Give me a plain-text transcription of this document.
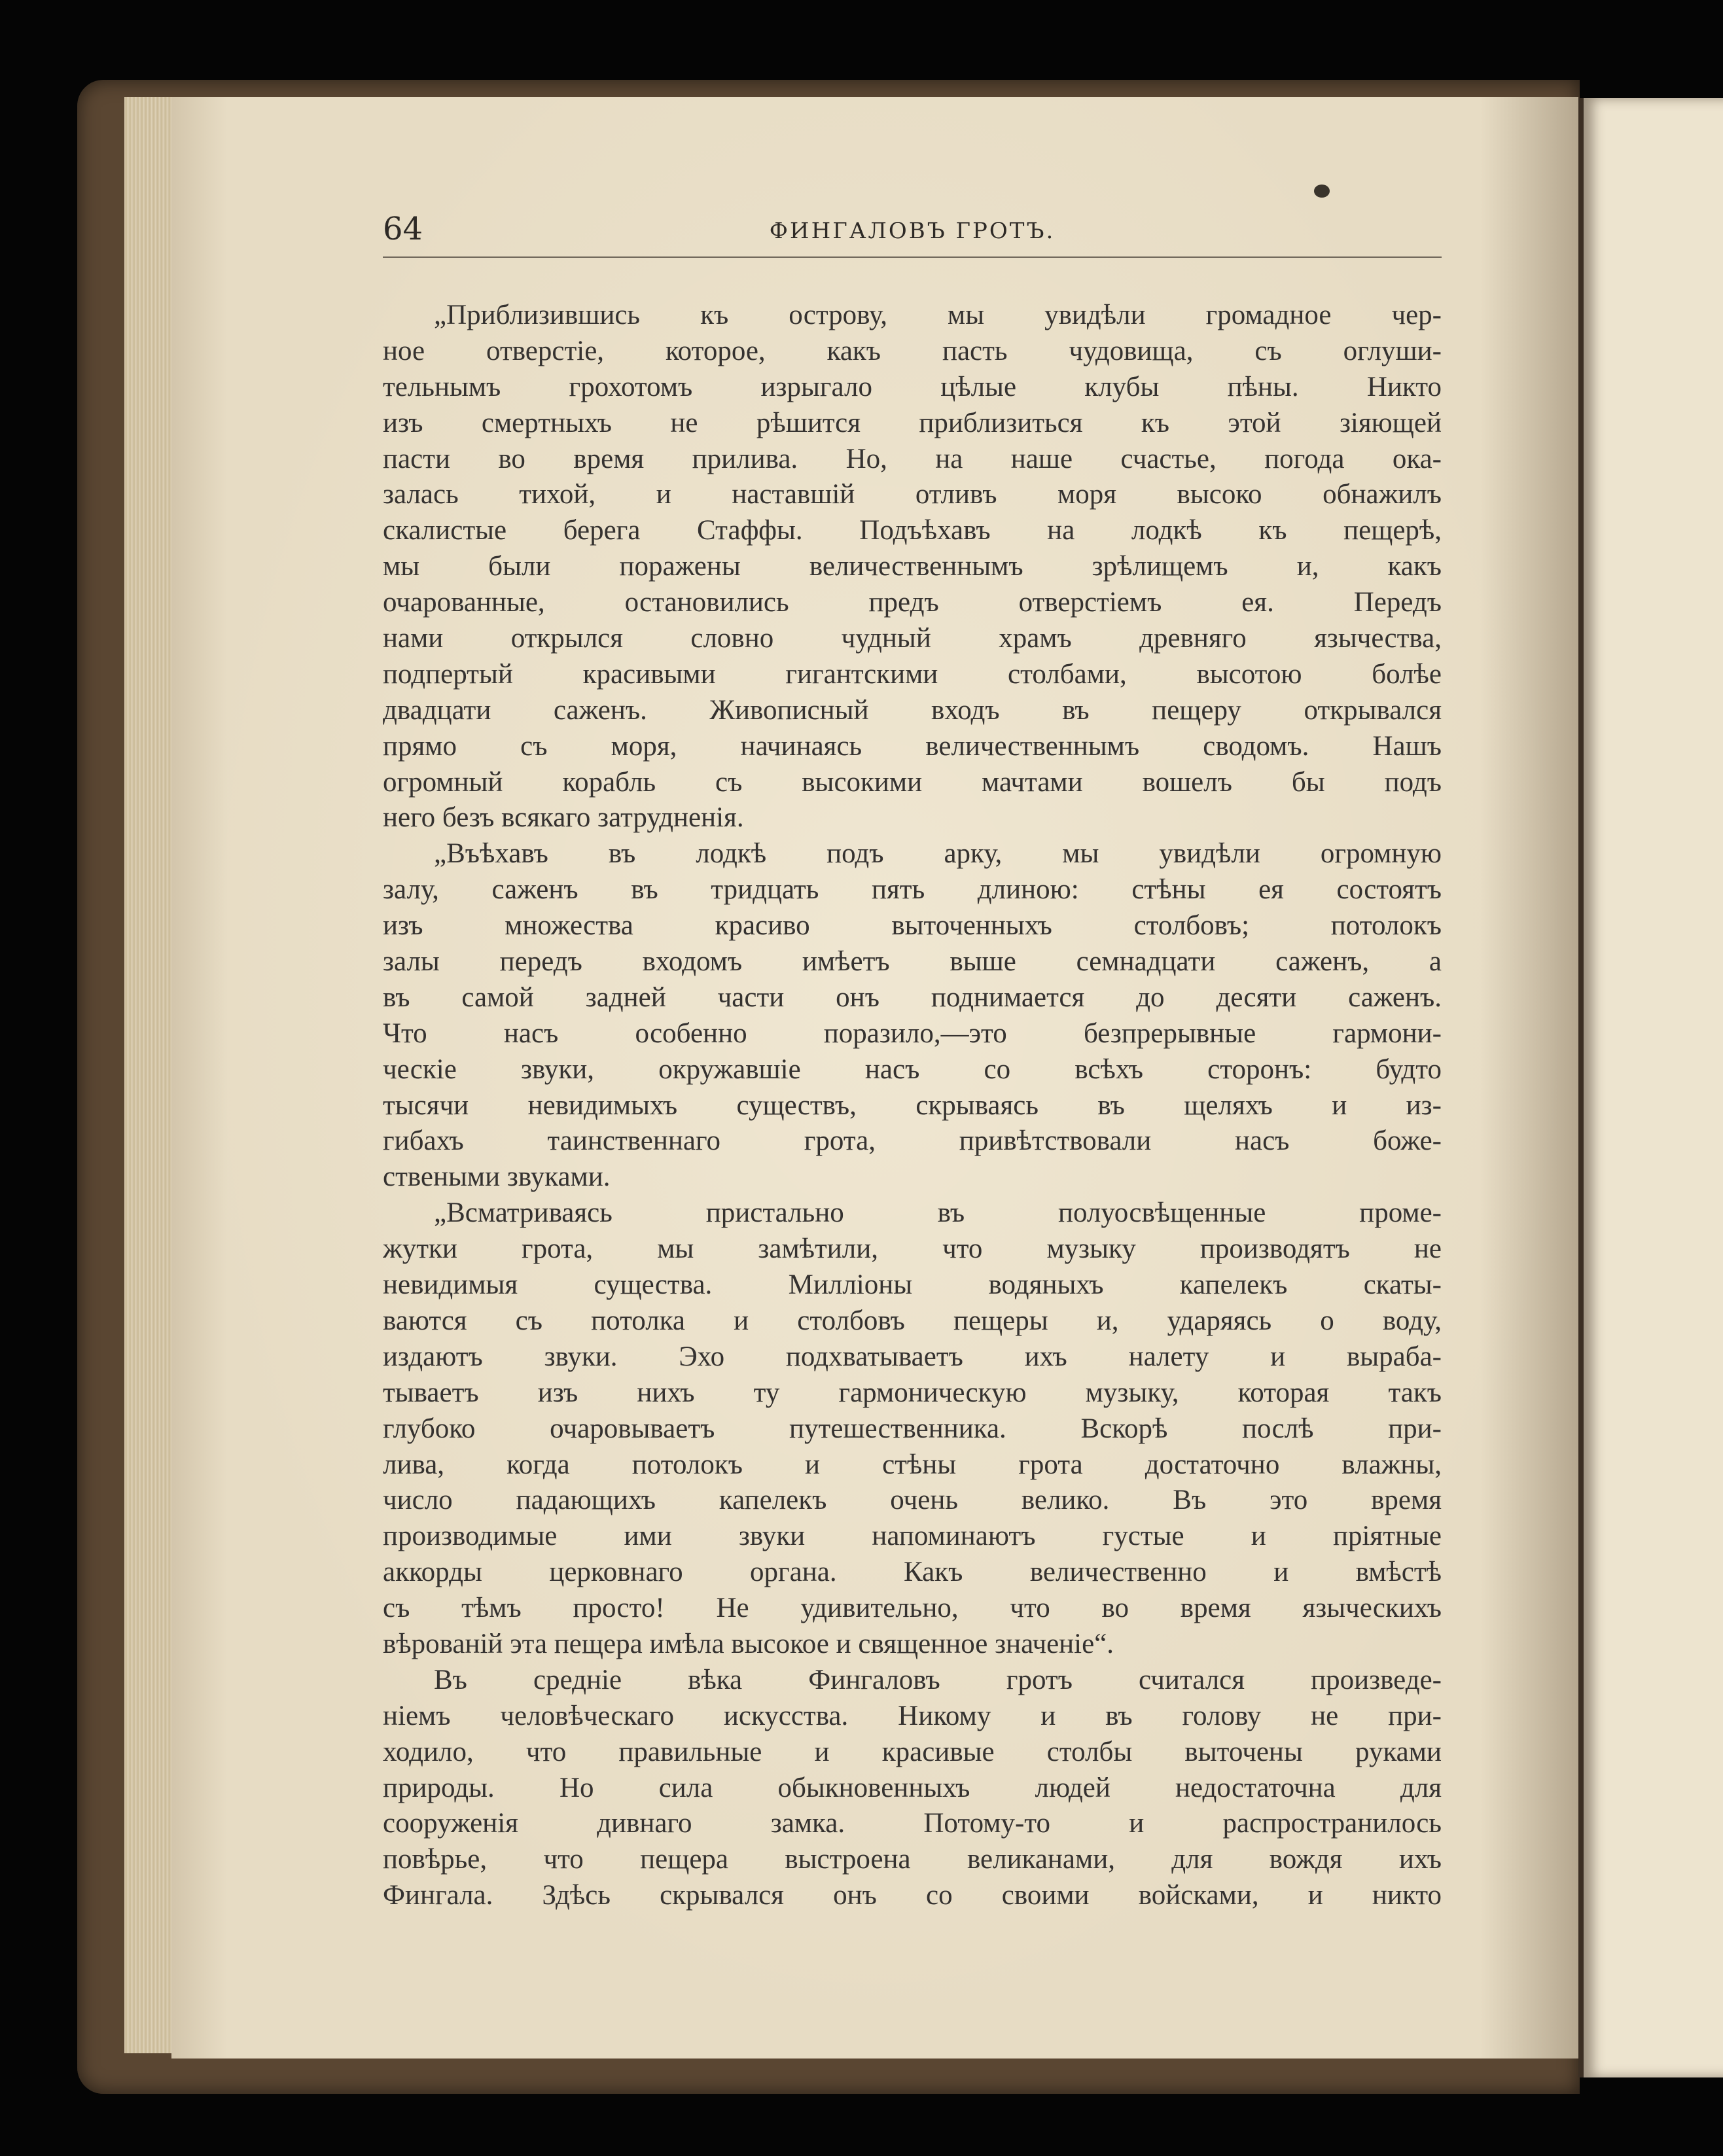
64	ФИНГАЛОВЪ ГРОТЪ.
„Приблизившись къ острову, мы увидѣли громадное чер-
ное отверстіе, которое, какъ пасть чудовища, съ оглуши-
тельнымъ грохотомъ изрыгало цѣлые клубы пѣны. Никто
изъ смертныхъ не рѣшится приблизиться къ этой зіяющей
пасти во время прилива. Но, на наше счастье, погода ока-
залась тихой, и наставшій отливъ моря высоко обнажилъ
скалистые берега Стаффы. Подъѣхавъ на лодкѣ къ пещерѣ,
мы были поражены величественнымъ зрѣлищемъ и, какъ
очарованные, остановились предъ отверстіемъ ея. Передъ
нами открылся словно чудный храмъ древняго язычества,
подпертый красивыми гигантскими столбами, высотою болѣе
двадцати саженъ. Живописный входъ въ пещеру открывался
прямо съ моря, начинаясь величественнымъ сводомъ. Нашъ
огромный корабль съ высокими мачтами вошелъ бы подъ
него безъ всякаго затрудненія.
„Въѣхавъ въ лодкѣ подъ арку, мы увидѣли огромную
залу, саженъ въ тридцать пять длиною: стѣны ея состоятъ
изъ множества красиво выточенныхъ столбовъ; потолокъ
залы передъ входомъ имѣетъ выше семнадцати саженъ, а
въ самой задней части онъ поднимается до десяти саженъ.
Что насъ особенно поразило,—это безпрерывные гармони-
ческіе звуки, окружавшіе насъ со всѣхъ сторонъ: будто
тысячи невидимыхъ существъ, скрываясь въ щеляхъ и из-
гибахъ таинственнаго грота, привѣтствовали насъ боже-
ствеными звуками.
„Всматриваясь пристально въ полуосвѣщенные проме-
жутки грота, мы замѣтили, что музыку производятъ не
невидимыя существа. Милліоны водяныхъ капелекъ скаты-
ваются съ потолка и столбовъ пещеры и, ударяясь о воду,
издаютъ звуки. Эхо подхватываетъ ихъ налету и выраба-
тываетъ изъ нихъ ту гармоническую музыку, которая такъ
глубоко очаровываетъ путешественника. Вскорѣ послѣ при-
лива, когда потолокъ и стѣны грота достаточно влажны,
число падающихъ капелекъ очень велико. Въ это время
производимые ими звуки напоминаютъ густые и пріятные
аккорды церковнаго органа. Какъ величественно и вмѣстѣ
съ тѣмъ просто! Не удивительно, что во время языческихъ
вѣрованій эта пещера имѣла высокое и священное значеніе“.
Въ средніе вѣка Фингаловъ гротъ считался произведе-
ніемъ человѣческаго искусства. Никому и въ голову не при-
ходило, что правильные и красивые столбы выточены руками
природы. Но сила обыкновенныхъ людей недостаточна для
сооруженія дивнаго замка. Потому-то и распространилось
повѣрье, что пещера выстроена великанами, для вождя ихъ
Фингала. Здѣсь скрывался онъ со своими войсками, и никто
